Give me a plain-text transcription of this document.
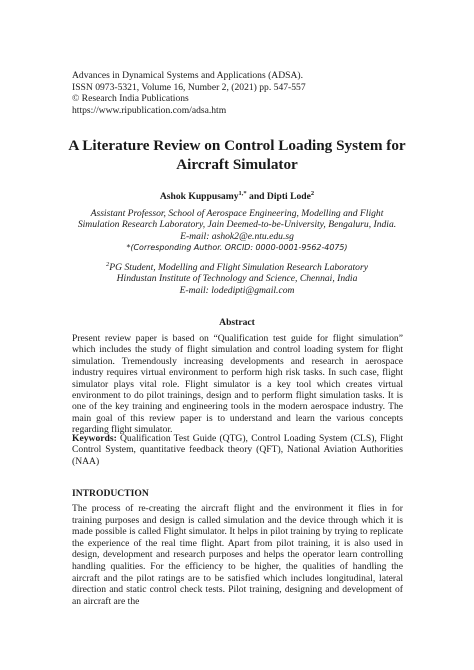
Advances in Dynamical Systems and Applications (ADSA).
ISSN 0973-5321, Volume 16, Number 2, (2021) pp. 547-557
© Research India Publications
https://www.ripublication.com/adsa.htm
A Literature Review on Control Loading System for
Aircraft Simulator
Ashok Kuppusamy$^{1,*}$ and Dipti Lode$^2$
Assistant Professor, School of Aerospace Engineering, Modelling and Flight
Simulation Research Laboratory, Jain Deemed-to-be-University, Bengaluru, India.
E-mail: ashok2@e.ntu.edu.sg
*(Corresponding Author. ORCID: 0000-0001-9562-4075)
$^2$PG Student, Modelling and Flight Simulation Research Laboratory
Hindustan Institute of Technology and Science, Chennai, India
E-mail: lodedipti@gmail.com
Abstract
Present review paper is based on “Qualification test guide for flight simulation” which includes the study of flight simulation and control loading system for flight simulation. Tremendously increasing developments and research in aerospace industry requires virtual environment to perform high risk tasks. In such case, flight simulator plays vital role. Flight simulator is a key tool which creates virtual environment to do pilot trainings, design and to perform flight simulation tasks. It is one of the key training and engineering tools in the modern aerospace industry. The main goal of this review paper is to understand and learn the various concepts regarding flight simulator.
Keywords: Qualification Test Guide (QTG), Control Loading System (CLS), Flight Control System, quantitative feedback theory (QFT), National Aviation Authorities (NAA)
INTRODUCTION
The process of re-creating the aircraft flight and the environment it flies in for training purposes and design is called simulation and the device through which it is made possible is called Flight simulator. It helps in pilot training by trying to replicate the experience of the real time flight. Apart from pilot training, it is also used in design, development and research purposes and helps the operator learn controlling handling qualities. For the efficiency to be higher, the qualities of handling the aircraft and the pilot ratings are to be satisfied which includes longitudinal, lateral direction and static control check tests. Pilot training, designing and development of an aircraft are the
